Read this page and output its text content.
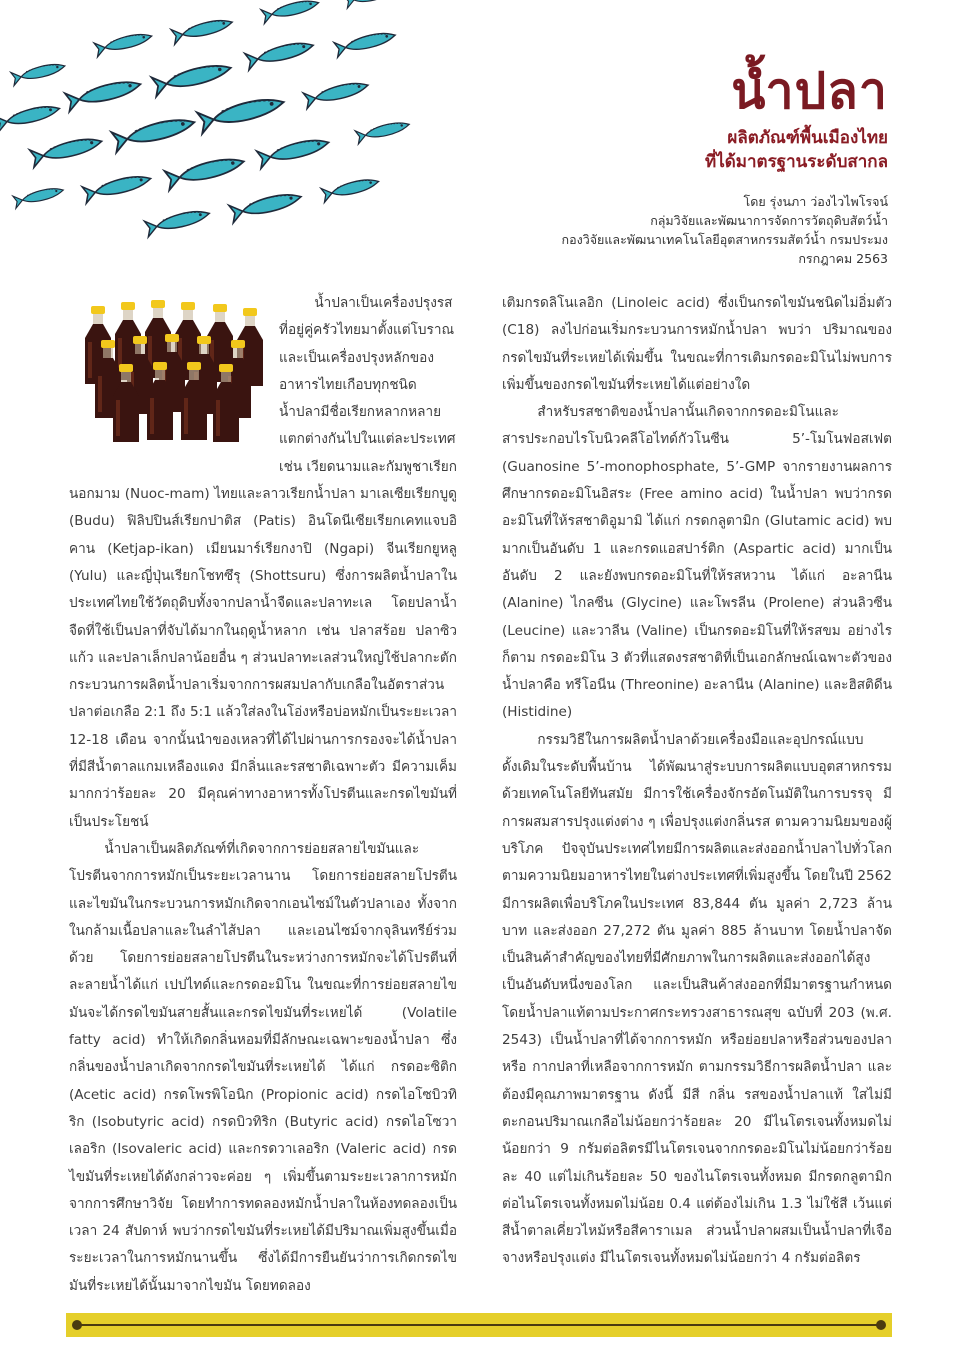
น้ำปลา
ผลิตภัณฑ์พื้นเมืองไทย
ที่ได้มาตรฐานระดับสากล
โดย รุ่งนภา ว่องไวไพโรจน์
กลุ่มวิจัยและพัฒนาการจัดการวัตถุดิบสัตว์น้ำ
กองวิจัยและพัฒนาเทคโนโลยีอุตสาหกรรมสัตว์น้ำ กรมประมง
กรกฎาคม 2563

น้ำปลาเป็นเครื่องปรุงรสที่อยู่คู่ครัวไทยมาตั้งแต่โบราณและเป็นเครื่องปรุงหลักของอาหารไทยเกือบทุกชนิด น้ำปลามีชื่อเรียกหลากหลายแตกต่างกันไปในแต่ละประเทศ เช่น เวียดนามและกัมพูชาเรียกนอกมาม (Nuoc-mam) ไทยและลาวเรียกน้ำปลา มาเลเซียเรียกบูดู (Budu) ฟิลิปปินส์เรียกปาติส (Patis) อินโดนีเซียเรียกเคทแจบอิคาน (Ketjap-ikan) เมียนมาร์เรียกงาปิ (Ngapi) จีนเรียกยูหลู (Yulu) และญี่ปุ่นเรียกโชทซึรุ (Shottsuru) ซึ่งการผลิตน้ำปลาในประเทศไทยใช้วัตถุดิบทั้งจากปลาน้ำจืดและปลาทะเล โดยปลาน้ำจืดที่ใช้เป็นปลาที่จับได้มากในฤดูน้ำหลาก เช่น ปลาสร้อย ปลาซิวแก้ว และปลาเล็กปลาน้อยอื่น ๆ ส่วนปลาทะเลส่วนใหญ่ใช้ปลากะตัก กระบวนการผลิตน้ำปลาเริ่มจากการผสมปลากับเกลือในอัตราส่วนปลาต่อเกลือ 2:1 ถึง 5:1 แล้วใส่ลงในโอ่งหรือบ่อหมักเป็นระยะเวลา 12-18 เดือน จากนั้นนำของเหลวที่ได้ไปผ่านการกรองจะได้น้ำปลาที่มีสีน้ำตาลแกมเหลืองแดง มีกลิ่นและรสชาติเฉพาะตัว มีความเค็มมากกว่าร้อยละ 20 มีคุณค่าทางอาหารทั้งโปรตีนและกรดไขมันที่เป็นประโยชน์

น้ำปลาเป็นผลิตภัณฑ์ที่เกิดจากการย่อยสลายไขมันและโปรตีนจากการหมักเป็นระยะเวลานาน โดยการย่อยสลายโปรตีนและไขมันในกระบวนการหมักเกิดจากเอนไซม์ในตัวปลาเอง ทั้งจากในกล้ามเนื้อปลาและในลำไส้ปลา และเอนไซม์จากจุลินทรีย์ร่วมด้วย โดยการย่อยสลายโปรตีนในระหว่างการหมักจะได้โปรตีนที่ละลายน้ำได้แก่ เปปไทด์และกรดอะมิโน ในขณะที่การย่อยสลายไขมันจะได้กรดไขมันสายสั้นและกรดไขมันที่ระเหยได้ (Volatile fatty acid) ทำให้เกิดกลิ่นหอมที่มีลักษณะเฉพาะของน้ำปลา ซึ่งกลิ่นของน้ำปลาเกิดจากกรดไขมันที่ระเหยได้ ได้แก่ กรดอะซิติก (Acetic acid) กรดโพรพิโอนิก (Propionic acid) กรดไอโซบิวทิริก (Isobutyric acid) กรดบิวทิริก (Butyric acid) กรดไอโซวาเลอริก (Isovaleric acid) และกรดวาเลอริก (Valeric acid) กรดไขมันที่ระเหยได้ดังกล่าวจะค่อย ๆ เพิ่มขึ้นตามระยะเวลาการหมัก จากการศึกษาวิจัย โดยทำการทดลองหมักน้ำปลาในห้องทดลองเป็นเวลา 24 สัปดาห์ พบว่ากรดไขมันที่ระเหยได้มีปริมาณเพิ่มสูงขึ้นเมื่อระยะเวลาในการหมักนานขึ้น ซึ่งได้มีการยืนยันว่าการเกิดกรดไขมันที่ระเหยได้นั้นมาจากไขมัน โดยทดลอง

เติมกรดลิโนเลอิก (Linoleic acid) ซึ่งเป็นกรดไขมันชนิดไม่อิ่มตัว (C18) ลงไปก่อนเริ่มกระบวนการหมักน้ำปลา พบว่า ปริมาณของกรดไขมันที่ระเหยได้เพิ่มขึ้น ในขณะที่การเติมกรดอะมิโนไม่พบการเพิ่มขึ้นของกรดไขมันที่ระเหยได้แต่อย่างใด

สำหรับรสชาติของน้ำปลานั้นเกิดจากกรดอะมิโนและสารประกอบไรโบนิวคลีโอไทด์กัวโนซีน 5’-โมโนฟอสเฟต (Guanosine 5’-monophosphate, 5’-GMP จากรายงานผลการศึกษากรดอะมิโนอิสระ (Free amino acid) ในน้ำปลา พบว่ากรดอะมิโนที่ให้รสชาติอูมามิ ได้แก่ กรดกลูตามิก (Glutamic acid) พบมากเป็นอันดับ 1 และกรดแอสปาร์ติก (Aspartic acid) มากเป็นอันดับ 2 และยังพบกรดอะมิโนที่ให้รสหวาน ได้แก่ อะลานีน (Alanine) ไกลซีน (Glycine) และโพรลีน (Prolene) ส่วนลิวซีน (Leucine) และวาลีน (Valine) เป็นกรดอะมิโนที่ให้รสขม อย่างไรก็ตาม กรดอะมิโน 3 ตัวที่แสดงรสชาติที่เป็นเอกลักษณ์เฉพาะตัวของน้ำปลาคือ ทรีโอนีน (Threonine) อะลานีน (Alanine) และฮิสติดีน (Histidine)

กรรมวิธีในการผลิตน้ำปลาด้วยเครื่องมือและอุปกรณ์แบบดั้งเดิมในระดับพื้นบ้าน ได้พัฒนาสู่ระบบการผลิตแบบอุตสาหกรรมด้วยเทคโนโลยีทันสมัย มีการใช้เครื่องจักรอัตโนมัติในการบรรจุ มีการผสมสารปรุงแต่งต่าง ๆ เพื่อปรุงแต่งกลิ่นรส ตามความนิยมของผู้บริโภค ปัจจุบันประเทศไทยมีการผลิตและส่งออกน้ำปลาไปทั่วโลก ตามความนิยมอาหารไทยในต่างประเทศที่เพิ่มสูงขึ้น โดยในปี 2562 มีการผลิตเพื่อบริโภคในประเทศ 83,844 ตัน มูลค่า 2,723 ล้านบาท และส่งออก 27,272 ตัน มูลค่า 885 ล้านบาท โดยน้ำปลาจัดเป็นสินค้าสำคัญของไทยที่มีศักยภาพในการผลิตและส่งออกได้สูงเป็นอันดับหนึ่งของโลก และเป็นสินค้าส่งออกที่มีมาตรฐานกำหนด โดยน้ำปลาแท้ตามประกาศกระทรวงสาธารณสุข ฉบับที่ 203 (พ.ศ. 2543) เป็นน้ำปลาที่ได้จากการหมัก หรือย่อยปลาหรือส่วนของปลา หรือ กากปลาที่เหลือจากการหมัก ตามกรรมวิธีการผลิตน้ำปลา และต้องมีคุณภาพมาตรฐาน ดังนี้ มีสี กลิ่น รสของน้ำปลาแท้ ใสไม่มีตะกอนปริมาณเกลือไม่น้อยกว่าร้อยละ 20 มีไนโตรเจนทั้งหมดไม่น้อยกว่า 9 กรัมต่อลิตรมีไนโตรเจนจากกรดอะมิโนไม่น้อยกว่าร้อยละ 40 แต่ไม่เกินร้อยละ 50 ของไนโตรเจนทั้งหมด มีกรดกลูตามิกต่อไนโตรเจนทั้งหมดไม่น้อย 0.4 แต่ต้องไม่เกิน 1.3 ไม่ใช้สี เว้นแต่สีน้ำตาลเคี่ยวไหม้หรือสีคาราเมล ส่วนน้ำปลาผสมเป็นน้ำปลาที่เจือจางหรือปรุงแต่ง มีไนโตรเจนทั้งหมดไม่น้อยกว่า 4 กรัมต่อลิตร
